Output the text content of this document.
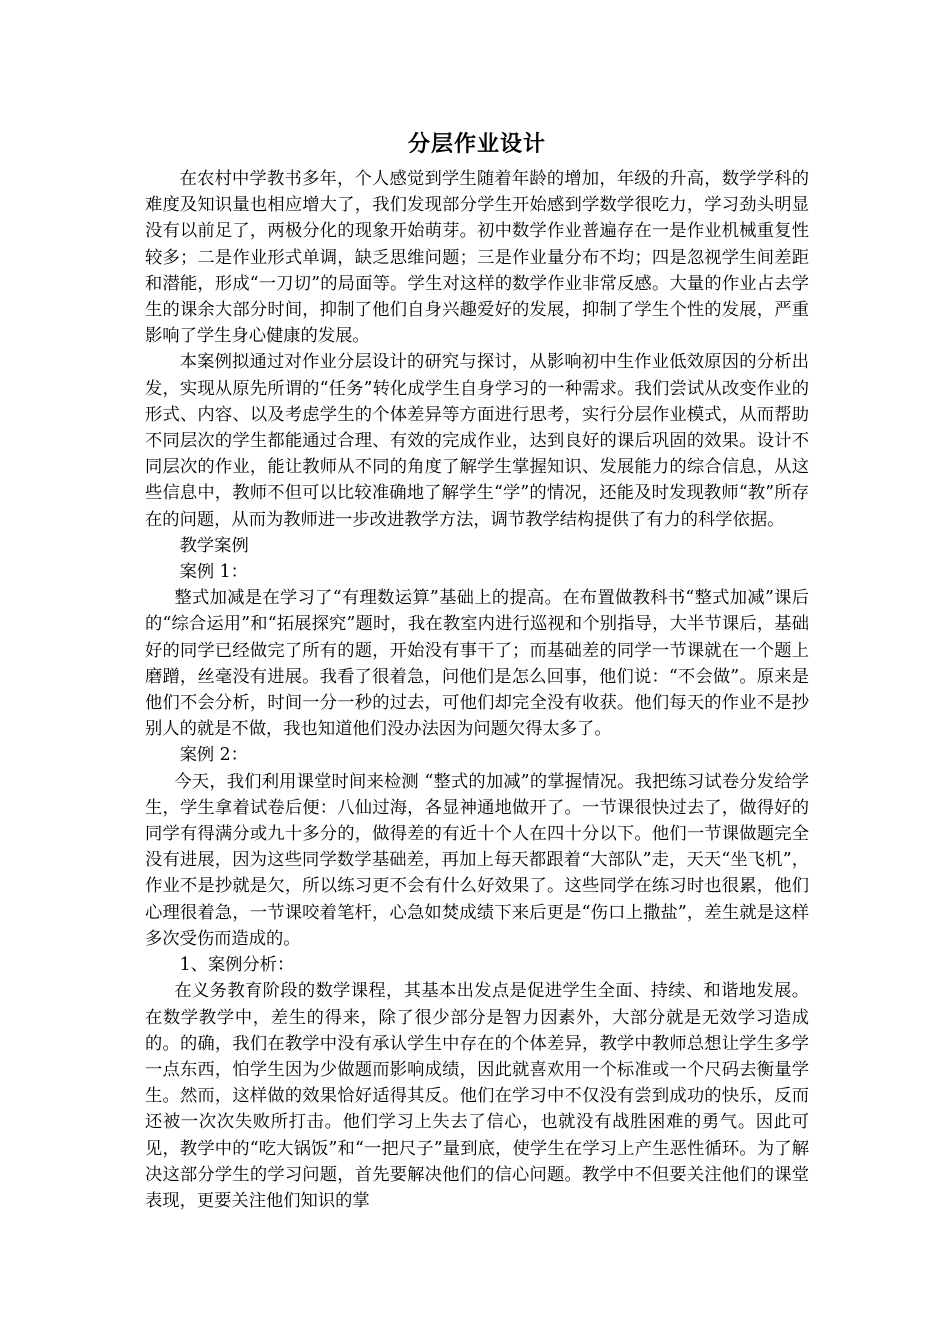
分层作业设计

在农村中学教书多年，个人感觉到学生随着年龄的增加，年级的升高，数学学科的难度及知识量也相应增大了，我们发现部分学生开始感到学数学很吃力，学习劲头明显没有以前足了，两极分化的现象开始萌芽。初中数学作业普遍存在一是作业机械重复性较多；二是作业形式单调，缺乏思维问题；三是作业量分布不均；四是忽视学生间差距和潜能，形成“一刀切”的局面等。学生对这样的数学作业非常反感。大量的作业占去学生的课余大部分时间，抑制了他们自身兴趣爱好的发展，抑制了学生个性的发展，严重影响了学生身心健康的发展。

本案例拟通过对作业分层设计的研究与探讨，从影响初中生作业低效原因的分析出发，实现从原先所谓的“任务”转化成学生自身学习的一种需求。我们尝试从改变作业的形式、内容、以及考虑学生的个体差异等方面进行思考，实行分层作业模式，从而帮助不同层次的学生都能通过合理、有效的完成作业，达到良好的课后巩固的效果。设计不同层次的作业，能让教师从不同的角度了解学生掌握知识、发展能力的综合信息，从这些信息中，教师不但可以比较准确地了解学生“学”的情况，还能及时发现教师“教”所存在的问题，从而为教师进一步改进教学方法，调节教学结构提供了有力的科学依据。

教学案例

案例 1：

整式加减是在学习了“有理数运算”基础上的提高。在布置做教科书“整式加减”课后的“综合运用”和“拓展探究”题时，我在教室内进行巡视和个别指导，大半节课后，基础好的同学已经做完了所有的题，开始没有事干了；而基础差的同学一节课就在一个题上磨蹭，丝毫没有进展。我看了很着急，问他们是怎么回事，他们说：“不会做”。原来是他们不会分析，时间一分一秒的过去，可他们却完全没有收获。他们每天的作业不是抄别人的就是不做，我也知道他们没办法因为问题欠得太多了。

案例 2：

今天，我们利用课堂时间来检测 “整式的加减”的掌握情况。我把练习试卷分发给学生，学生拿着试卷后便：八仙过海，各显神通地做开了。一节课很快过去了，做得好的同学有得满分或九十多分的，做得差的有近十个人在四十分以下。他们一节课做题完全没有进展，因为这些同学数学基础差，再加上每天都跟着“大部队”走，天天“坐飞机”，作业不是抄就是欠，所以练习更不会有什么好效果了。这些同学在练习时也很累，他们心理很着急，一节课咬着笔杆，心急如焚成绩下来后更是“伤口上撒盐”，差生就是这样多次受伤而造成的。

1、案例分析：

在义务教育阶段的数学课程，其基本出发点是促进学生全面、持续、和谐地发展。在数学教学中，差生的得来，除了很少部分是智力因素外，大部分就是无效学习造成的。的确，我们在教学中没有承认学生中存在的个体差异，教学中教师总想让学生多学一点东西，怕学生因为少做题而影响成绩，因此就喜欢用一个标准或一个尺码去衡量学生。然而，这样做的效果恰好适得其反。他们在学习中不仅没有尝到成功的快乐，反而还被一次次失败所打击。他们学习上失去了信心，也就没有战胜困难的勇气。因此可见，教学中的“吃大锅饭”和“一把尺子”量到底，使学生在学习上产生恶性循环。为了解决这部分学生的学习问题，首先要解决他们的信心问题。教学中不但要关注他们的课堂表现，更要关注他们知识的掌
